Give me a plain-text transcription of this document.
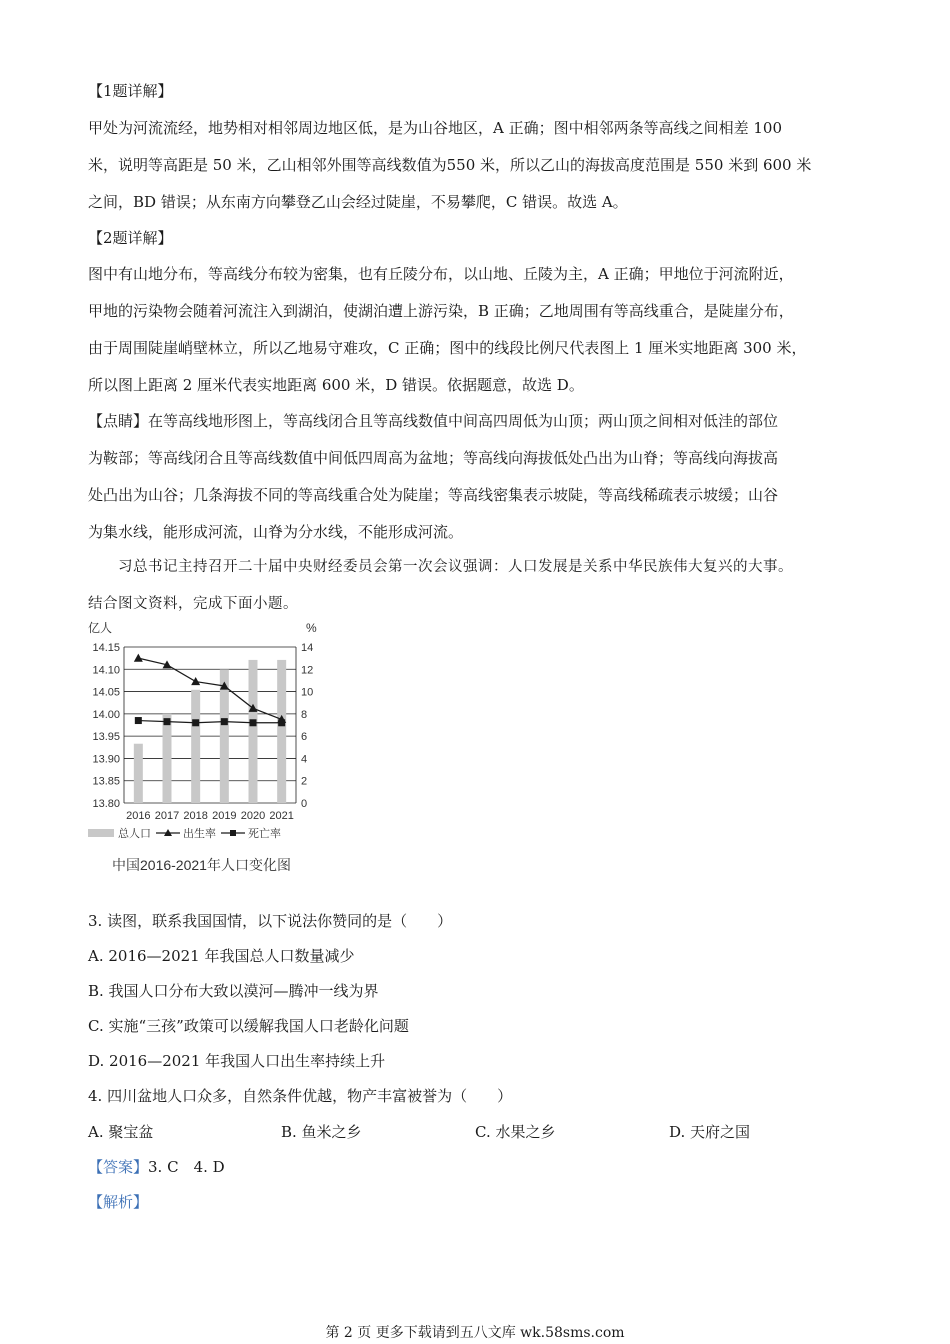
【1题详解】
甲处为河流流经，地势相对相邻周边地区低，是为山谷地区，A 正确；图中相邻两条等高线之间相差 100
米，说明等高距是 50 米，乙山相邻外围等高线数值为550 米，所以乙山的海拔高度范围是 550 米到 600 米
之间，BD 错误；从东南方向攀登乙山会经过陡崖，不易攀爬，C 错误。故选 A。
【2题详解】
图中有山地分布，等高线分布较为密集，也有丘陵分布，以山地、丘陵为主，A 正确；甲地位于河流附近，
甲地的污染物会随着河流注入到湖泊，使湖泊遭上游污染，B 正确；乙地周围有等高线重合，是陡崖分布，
由于周围陡崖峭壁林立，所以乙地易守难攻，C 正确；图中的线段比例尺代表图上 1 厘米实地距离 300 米，
所以图上距离 2 厘米代表实地距离 600 米，D 错误。依据题意，故选 D。
【点睛】在等高线地形图上，等高线闭合且等高线数值中间高四周低为山顶；两山顶之间相对低洼的部位
为鞍部；等高线闭合且等高线数值中间低四周高为盆地；等高线向海拔低处凸出为山脊；等高线向海拔高
处凸出为山谷；几条海拔不同的等高线重合处为陡崖；等高线密集表示坡陡，等高线稀疏表示坡缓；山谷
为集水线，能形成河流，山脊为分水线，不能形成河流。
习总书记主持召开二十届中央财经委员会第一次会议强调：人口发展是关系中华民族伟大复兴的大事。
结合图文资料，完成下面小题。
14.15
14.10
14.05
14.00
13.95
13.90
13.85
13.80
14
12
10
8
6
4
2
0
2016 2017 2018 2019 2020 2021
亿人	%
总人口	出生率	死亡率
中国2016-2021年人口变化图
3. 读图，联系我国国情，以下说法你赞同的是（　　）
A. 2016—2021 年我国总人口数量减少
B. 我国人口分布大致以漠河—腾冲一线为界
C. 实施“三孩”政策可以缓解我国人口老龄化问题
D. 2016—2021 年我国人口出生率持续上升
4. 四川盆地人口众多，自然条件优越，物产丰富被誉为（　　）
A. 聚宝盆	B. 鱼米之乡	C. 水果之乡	D. 天府之国
【答案】3. C　4. D
【解析】
第 2 页 更多下载请到五八文库 wk.58sms.com
